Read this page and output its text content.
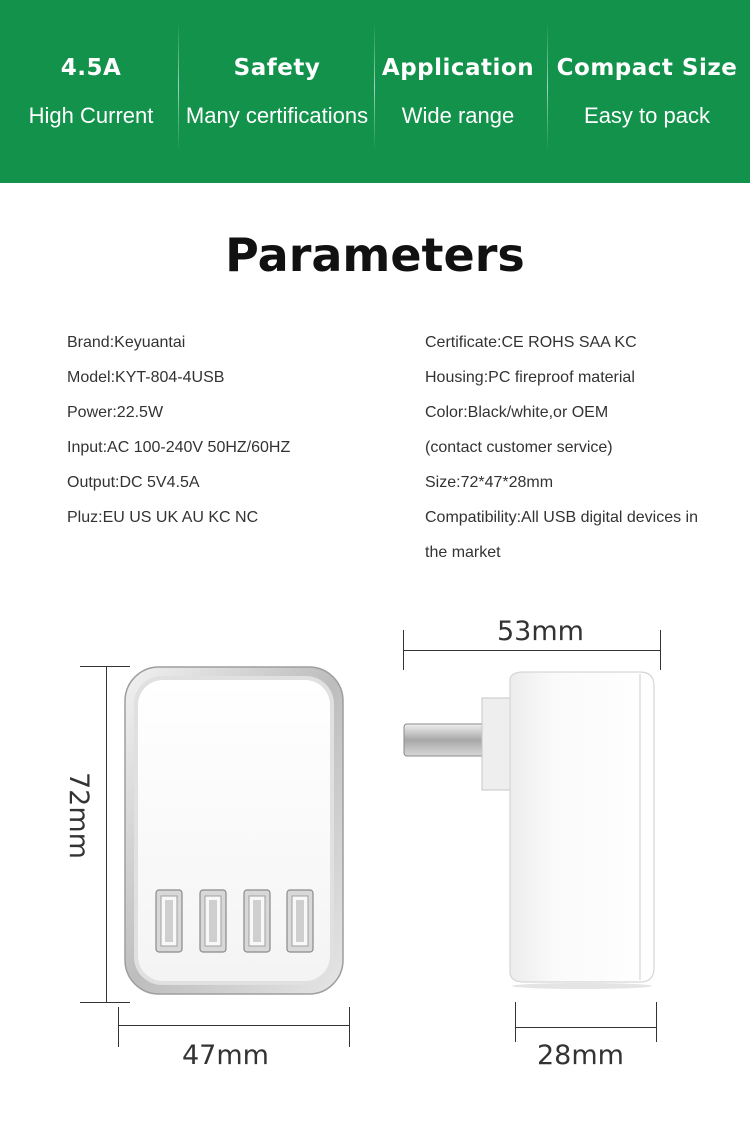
4.5A
High Current
Safety
Many certifications
Application
Wide range
Compact Size
Easy to pack
Parameters
Brand:Keyuantai
Model:KYT-804-4USB
Power:22.5W
Input:AC 100-240V 50HZ/60HZ
Output:DC 5V4.5A
Pluz:EU US UK AU KC NC
Certificate:CE ROHS SAA KC
Housing:PC fireproof material
Color:Black/white,or OEM
(contact customer service)
Size:72*47*28mm
Compatibility:All USB digital devices in
the market
72mm
47mm
53mm
28mm
